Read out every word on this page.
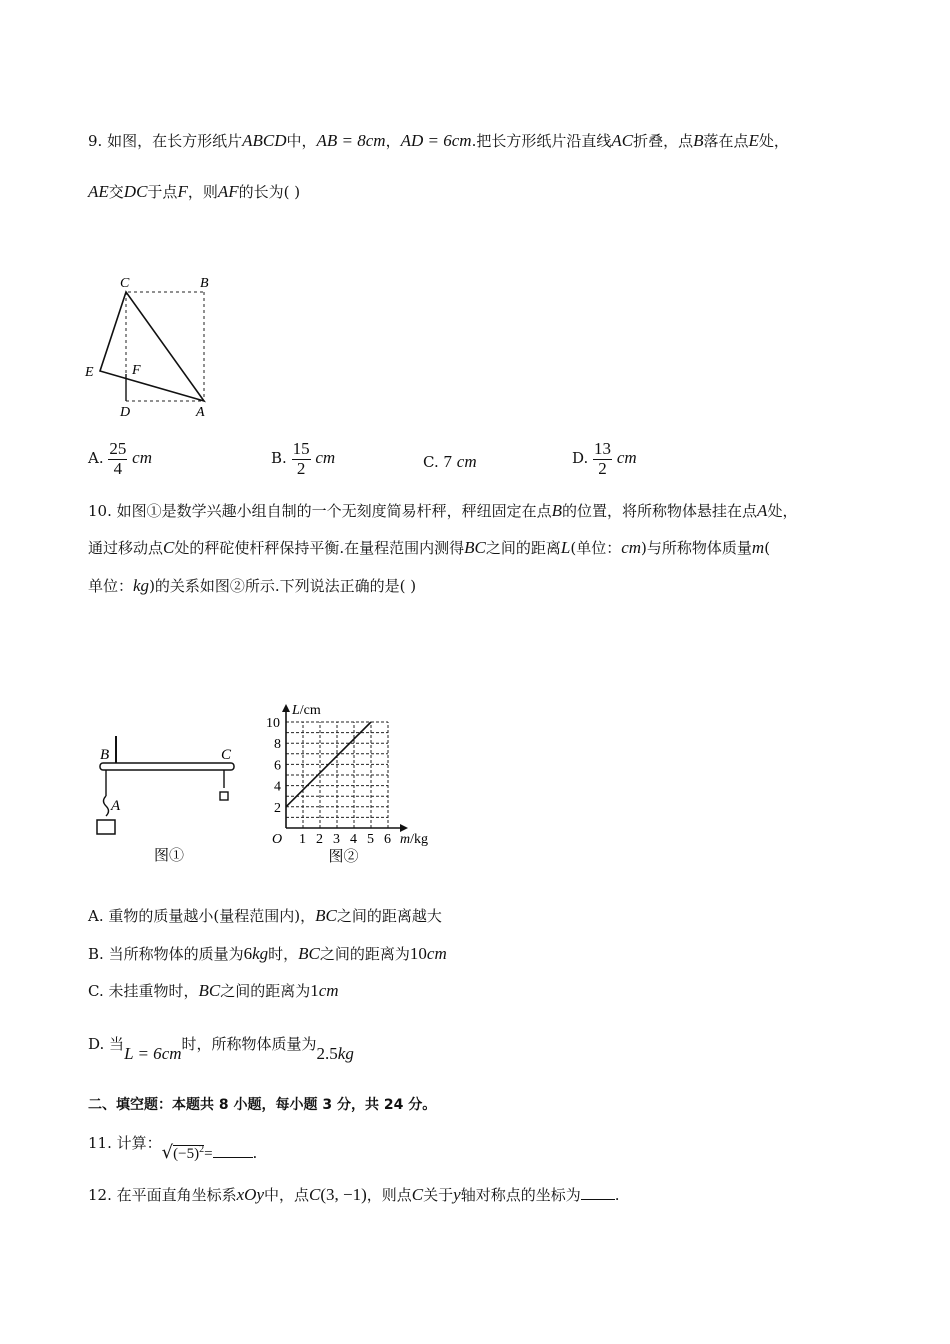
9. 如图，在长方形纸片ABCD中，AB = 8cm，AD = 6cm.把长方形纸片沿直线AC折叠，点B落在点E处，
AE交DC于点F，则AF的长为( )
C	B
E	F
D	A
A. $\frac{25}{4}$ cm	B. $\frac{15}{2}$ cm	C. 7 cm	D. $\frac{13}{2}$ cm
10. 如图①是数学兴趣小组自制的一个无刻度简易杆秤，秤纽固定在点B的位置，将所称物体悬挂在点A处，
通过移动点C处的秤砣使杆秤保持平衡.在量程范围内测得BC之间的距离L(单位：cm)与所称物体质量m(
单位：kg)的关系如图②所示.下列说法正确的是( )
B	C
A
图①
1 2 3 4 5 6
2
4
6
8
10
O
L/cm
m/kg
图②
A. 重物的质量越小(量程范围内)，BC之间的距离越大
B. 当所称物体的质量为6kg时，BC之间的距离为10cm
C. 未挂重物时，BC之间的距离为1cm
D. 当L = 6cm时，所称物体质量为2.5kg
二、填空题：本题共 8 小题，每小题 3 分，共 24 分。
11. 计算：$√(-5)^2=$	.
12. 在平面直角坐标系xOy中，点C(3, −1)，则点C关于y轴对称点的坐标为 .
